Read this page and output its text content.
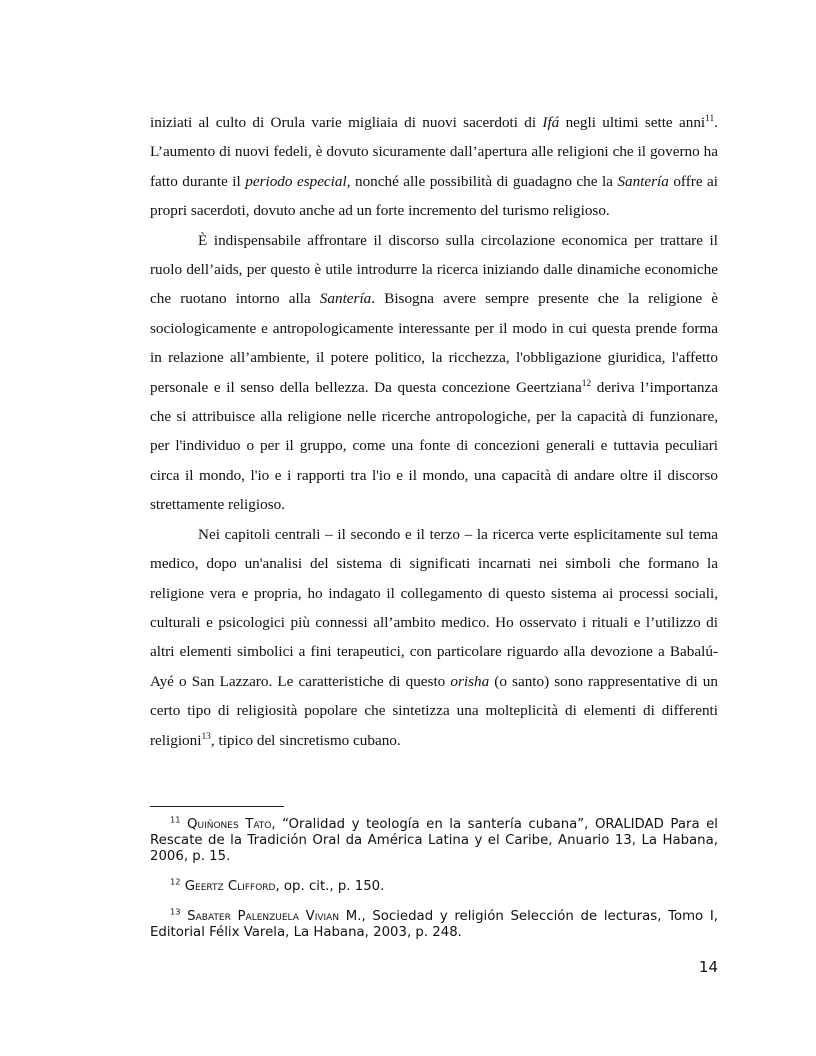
iniziati al culto di Orula varie migliaia di nuovi sacerdoti di Ifá negli ultimi sette anni$^{11}$. L’aumento di nuovi fedeli, è dovuto sicuramente dall’apertura alle religioni che il governo ha fatto durante il periodo especial, nonché alle possibilità di guadagno che la Santería offre ai propri sacerdoti, dovuto anche ad un forte incremento del turismo religioso.

È indispensabile affrontare il discorso sulla circolazione economica per trattare il ruolo dell’aids, per questo è utile introdurre la ricerca iniziando dalle dinamiche economiche che ruotano intorno alla Santería. Bisogna avere sempre presente che la religione è sociologicamente e antropologicamente interessante per il modo in cui questa prende forma in relazione all’ambiente, il potere politico, la ricchezza, l'obbligazione giuridica, l'affetto personale e il senso della bellezza. Da questa concezione Geertziana$^{12}$ deriva l’importanza che si attribuisce alla religione nelle ricerche antropologiche, per la capacità di funzionare, per l'individuo o per il gruppo, come una fonte di concezioni generali e tuttavia peculiari circa il mondo, l'io e i rapporti tra l'io e il mondo, una capacità di andare oltre il discorso strettamente religioso.

Nei capitoli centrali – il secondo e il terzo – la ricerca verte esplicitamente sul tema medico, dopo un'analisi del sistema di significati incarnati nei simboli che formano la religione vera e propria, ho indagato il collegamento di questo sistema ai processi sociali, culturali e psicologici più connessi all’ambito medico. Ho osservato i rituali e l’utilizzo di altri elementi simbolici a fini terapeutici, con particolare riguardo alla devozione a Babalú-Ayé o San Lazzaro. Le caratteristiche di questo orisha (o santo) sono rappresentative di un certo tipo di religiosità popolare che sintetizza una molteplicità di elementi di differenti religioni$^{13}$, tipico del sincretismo cubano.

$^{11}$ Quiñones Tato, “Oralidad y teología en la santería cubana”, ORALIDAD Para el Rescate de la Tradición Oral da América Latina y el Caribe, Anuario 13, La Habana, 2006, p. 15.

$^{12}$ Geertz Clifford, op. cit., p. 150.

$^{13}$ Sabater Palenzuela Vivian M., Sociedad y religión Selección de lecturas, Tomo I, Editorial Félix Varela, La Habana, 2003, p. 248.

14
